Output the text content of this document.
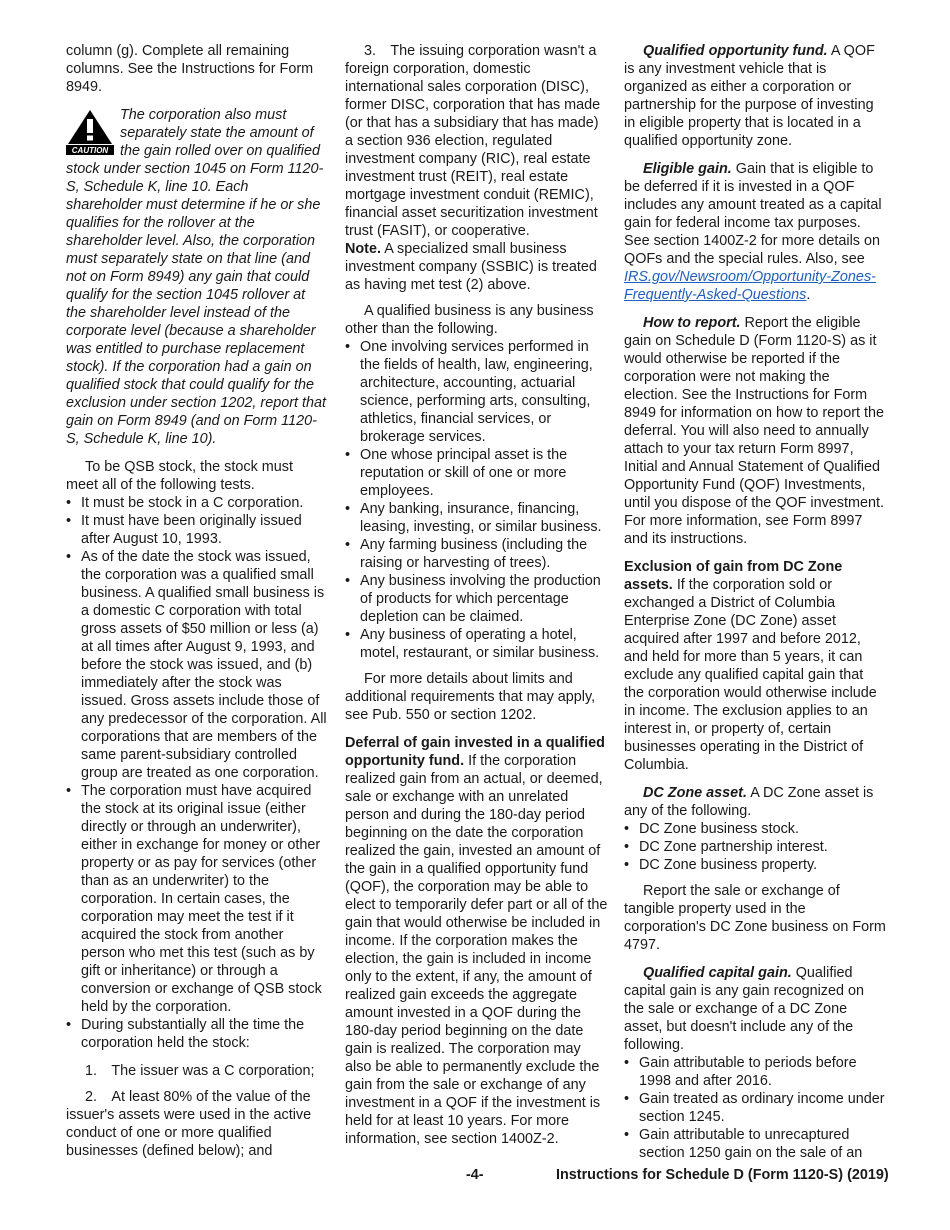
column (g). Complete all remaining columns. See the Instructions for Form 8949.

CAUTION
The corporation also must separately state the amount of the gain rolled over on qualified stock under section 1045 on Form 1120-S, Schedule K, line 10. Each shareholder must determine if he or she qualifies for the rollover at the shareholder level. Also, the corporation must separately state on that line (and not on Form 8949) any gain that could qualify for the section 1045 rollover at the shareholder level instead of the corporate level (because a shareholder was entitled to purchase replacement stock). If the corporation had a gain on qualified stock that could qualify for the exclusion under section 1202, report that gain on Form 8949 (and on Form 1120-S, Schedule K, line 10).

To be QSB stock, the stock must meet all of the following tests.

• It must be stock in a C corporation.

• It must have been originally issued after August 10, 1993.

• As of the date the stock was issued, the corporation was a qualified small business. A qualified small business is a domestic C corporation with total gross assets of $50 million or less (a) at all times after August 9, 1993, and before the stock was issued, and (b) immediately after the stock was issued. Gross assets include those of any predecessor of the corporation. All corporations that are members of the same parent-subsidiary controlled group are treated as one corporation.

• The corporation must have acquired the stock at its original issue (either directly or through an underwriter), either in exchange for money or other property or as pay for services (other than as an underwriter) to the corporation. In certain cases, the corporation may meet the test if it acquired the stock from another person who met this test (such as by gift or inheritance) or through a conversion or exchange of QSB stock held by the corporation.

• During substantially all the time the corporation held the stock:

1. The issuer was a C corporation;

2. At least 80% of the value of the issuer's assets were used in the active conduct of one or more qualified businesses (defined below); and

3. The issuing corporation wasn't a foreign corporation, domestic international sales corporation (DISC), former DISC, corporation that has made (or that has a subsidiary that has made) a section 936 election, regulated investment company (RIC), real estate investment trust (REIT), real estate mortgage investment conduit (REMIC), financial asset securitization investment trust (FASIT), or cooperative.

Note. A specialized small business investment company (SSBIC) is treated as having met test (2) above.

A qualified business is any business other than the following.

• One involving services performed in the fields of health, law, engineering, architecture, accounting, actuarial science, performing arts, consulting, athletics, financial services, or brokerage services.

• One whose principal asset is the reputation or skill of one or more employees.

• Any banking, insurance, financing, leasing, investing, or similar business.

• Any farming business (including the raising or harvesting of trees).

• Any business involving the production of products for which percentage depletion can be claimed.

• Any business of operating a hotel, motel, restaurant, or similar business.

For more details about limits and additional requirements that may apply, see Pub. 550 or section 1202.

Deferral of gain invested in a qualified opportunity fund. If the corporation realized gain from an actual, or deemed, sale or exchange with an unrelated person and during the 180-day period beginning on the date the corporation realized the gain, invested an amount of the gain in a qualified opportunity fund (QOF), the corporation may be able to elect to temporarily defer part or all of the gain that would otherwise be included in income. If the corporation makes the election, the gain is included in income only to the extent, if any, the amount of realized gain exceeds the aggregate amount invested in a QOF during the 180-day period beginning on the date gain is realized. The corporation may also be able to permanently exclude the gain from the sale or exchange of any investment in a QOF if the investment is held for at least 10 years. For more information, see section 1400Z-2.

Qualified opportunity fund. A QOF is any investment vehicle that is organized as either a corporation or partnership for the purpose of investing in eligible property that is located in a qualified opportunity zone.

Eligible gain. Gain that is eligible to be deferred if it is invested in a QOF includes any amount treated as a capital gain for federal income tax purposes. See section 1400Z-2 for more details on QOFs and the special rules. Also, see IRS.gov/Newsroom/Opportunity-Zones-Frequently-Asked-Questions.

How to report. Report the eligible gain on Schedule D (Form 1120-S) as it would otherwise be reported if the corporation were not making the election. See the Instructions for Form 8949 for information on how to report the deferral. You will also need to annually attach to your tax return Form 8997, Initial and Annual Statement of Qualified Opportunity Fund (QOF) Investments, until you dispose of the QOF investment. For more information, see Form 8997 and its instructions.

Exclusion of gain from DC Zone assets. If the corporation sold or exchanged a District of Columbia Enterprise Zone (DC Zone) asset acquired after 1997 and before 2012, and held for more than 5 years, it can exclude any qualified capital gain that the corporation would otherwise include in income. The exclusion applies to an interest in, or property of, certain businesses operating in the District of Columbia.

DC Zone asset. A DC Zone asset is any of the following.

• DC Zone business stock.

• DC Zone partnership interest.

• DC Zone business property.

Report the sale or exchange of tangible property used in the corporation's DC Zone business on Form 4797.

Qualified capital gain. Qualified capital gain is any gain recognized on the sale or exchange of a DC Zone asset, but doesn't include any of the following.

• Gain attributable to periods before 1998 and after 2016.

• Gain treated as ordinary income under section 1245.

• Gain attributable to unrecaptured section 1250 gain on the sale of an

-4-	Instructions for Schedule D (Form 1120-S) (2019)
